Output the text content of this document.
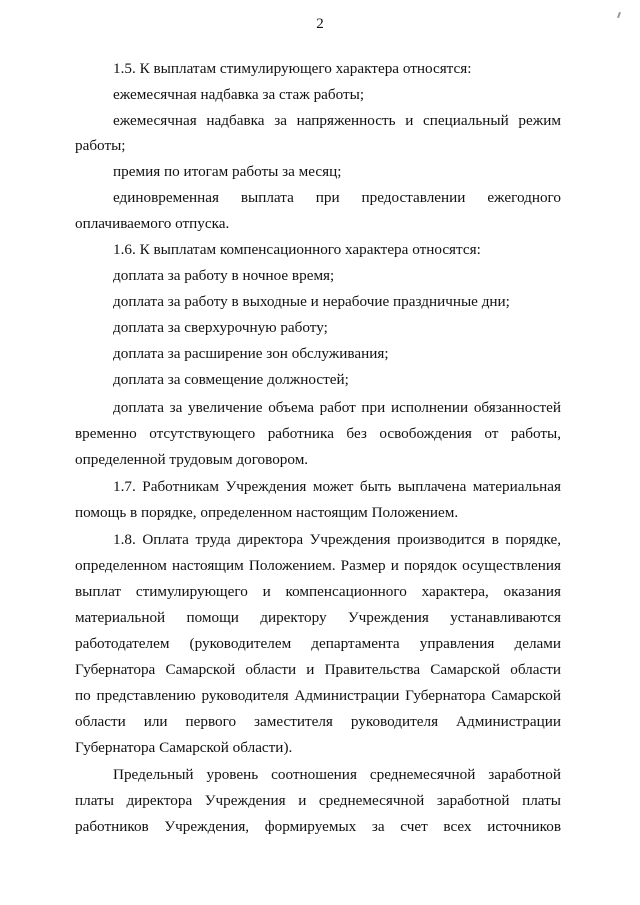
2
1.5. К выплатам стимулирующего характера относятся:
ежемесячная надбавка за стаж работы;
ежемесячная надбавка за напряженность и специальный режим
работы;
премия по итогам работы за месяц;
единовременная выплата при предоставлении ежегодного
оплачиваемого отпуска.
1.6. К выплатам компенсационного характера относятся:
доплата за работу в ночное время;
доплата за работу в выходные и нерабочие праздничные дни;
доплата за сверхурочную работу;
доплата за расширение зон обслуживания;
доплата за совмещение должностей;
доплата за увеличение объема работ при исполнении обязанностей
временно отсутствующего работника без освобождения от работы,
определенной трудовым договором.
1.7. Работникам Учреждения может быть выплачена материальная
помощь в порядке, определенном настоящим Положением.
1.8. Оплата труда директора Учреждения производится в порядке,
определенном настоящим Положением. Размер и порядок осуществления
выплат стимулирующего и компенсационного характера, оказания
материальной помощи директору Учреждения устанавливаются
работодателем (руководителем департамента управления делами
Губернатора Самарской области и Правительства Самарской области
по представлению руководителя Администрации Губернатора Самарской
области или первого заместителя руководителя Администрации
Губернатора Самарской области).
Предельный уровень соотношения среднемесячной заработной
платы директора Учреждения и среднемесячной заработной платы
работников Учреждения, формируемых за счет всех источников
